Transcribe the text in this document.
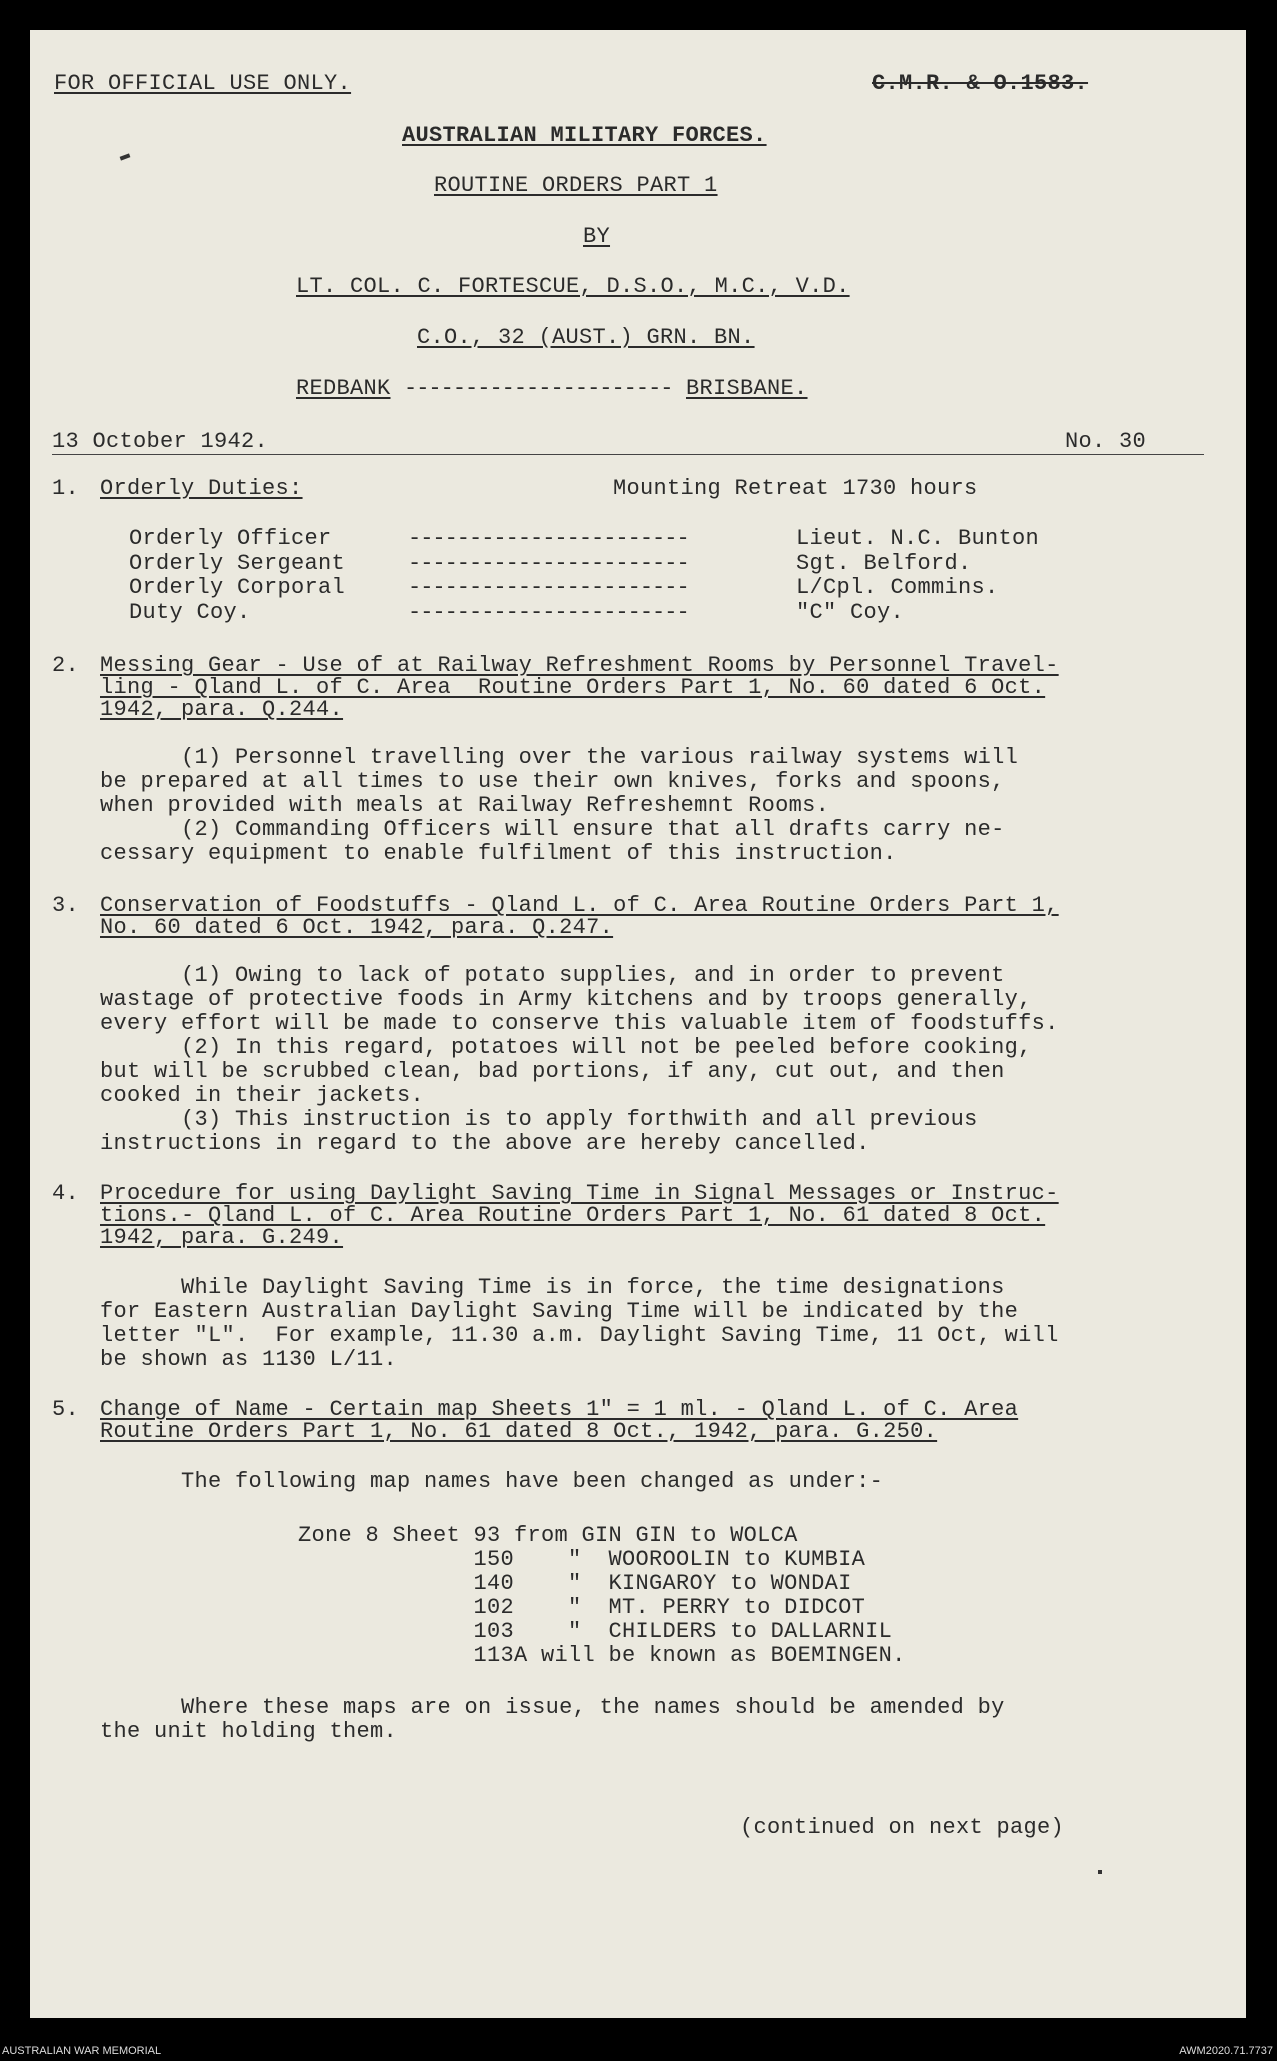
FOR OFFICIAL USE ONLY.	C.M.R. & O.1583.
AUSTRALIAN MILITARY FORCES.
ROUTINE ORDERS PART 1
BY
LT. COL. C. FORTESCUE, D.S.O., M.C., V.D.
C.O., 32 (AUST.) GRN. BN.
REDBANK ---------------------- BRISBANE.
13 October 1942.	No. 30
1. Orderly Duties:	Mounting Retreat 1730 hours
Orderly Officer	-----------------------	Lieut. N.C. Bunton
Orderly Sergeant	-----------------------	Sgt. Belford.
Orderly Corporal	-----------------------	L/Cpl. Commins.
Duty Coy.	-----------------------	"C" Coy.
2. Messing Gear - Use of at Railway Refreshment Rooms by Personnel Travel-
ling - Qland L. of C. Area  Routine Orders Part 1, No. 60 dated 6 Oct.
1942, para. Q.244.
(1) Personnel travelling over the various railway systems will
be prepared at all times to use their own knives, forks and spoons,
when provided with meals at Railway Refreshemnt Rooms.
(2) Commanding Officers will ensure that all drafts carry ne-
cessary equipment to enable fulfilment of this instruction.
3. Conservation of Foodstuffs - Qland L. of C. Area Routine Orders Part 1,
No. 60 dated 6 Oct. 1942, para. Q.247.
(1) Owing to lack of potato supplies, and in order to prevent
wastage of protective foods in Army kitchens and by troops generally,
every effort will be made to conserve this valuable item of foodstuffs.
(2) In this regard, potatoes will not be peeled before cooking,
but will be scrubbed clean, bad portions, if any, cut out, and then
cooked in their jackets.
(3) This instruction is to apply forthwith and all previous
instructions in regard to the above are hereby cancelled.
4. Procedure for using Daylight Saving Time in Signal Messages or Instruc-
tions.- Qland L. of C. Area Routine Orders Part 1, No. 61 dated 8 Oct.
1942, para. G.249.
While Daylight Saving Time is in force, the time designations
for Eastern Australian Daylight Saving Time will be indicated by the
letter "L".  For example, 11.30 a.m. Daylight Saving Time, 11 Oct, will
be shown as 1130 L/11.
5. Change of Name - Certain map Sheets 1" = 1 ml. - Qland L. of C. Area
Routine Orders Part 1, No. 61 dated 8 Oct., 1942, para. G.250.
The following map names have been changed as under:-
Zone 8 Sheet 93 from GIN GIN to WOLCA
150    "  WOOROOLIN to KUMBIA
140    "  KINGAROY to WONDAI
102    "  MT. PERRY to DIDCOT
103    "  CHILDERS to DALLARNIL
113A will be known as BOEMINGEN.
Where these maps are on issue, the names should be amended by
the unit holding them.
(continued on next page)
AUSTRALIAN WAR MEMORIAL	AWM2020.71.7737
